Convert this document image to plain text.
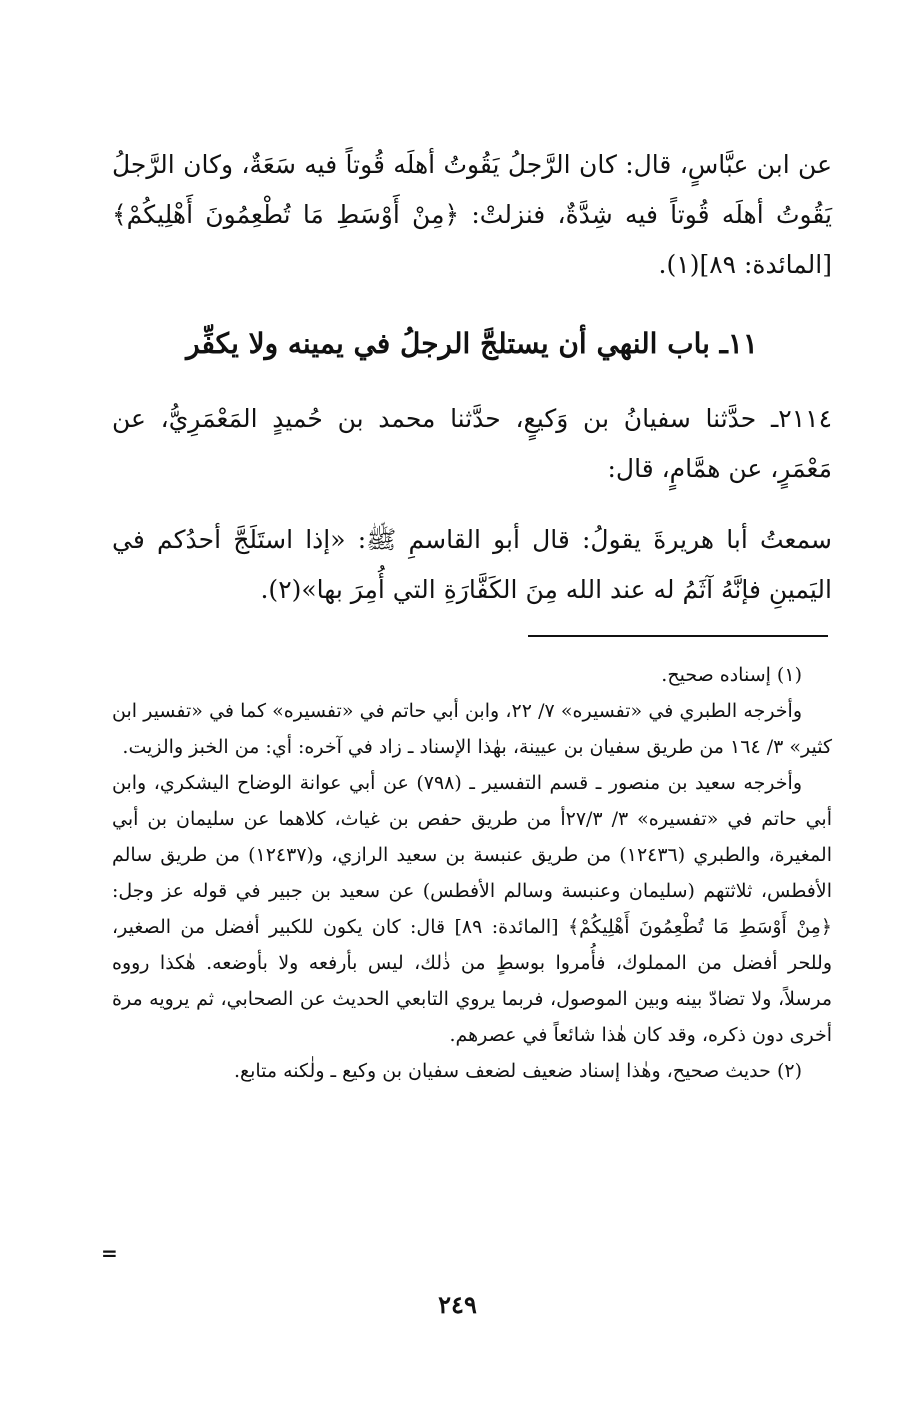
عن ابن عبَّاسٍ، قال: كان الرَّجلُ يَقُوتُ أهلَه قُوتاً فيه سَعَةٌ، وكان الرَّجلُ يَقُوتُ أهلَه قُوتاً فيه شِدَّةٌ، فنزلتْ: ﴿مِنْ أَوْسَطِ مَا تُطْعِمُونَ أَهْلِيكُمْ﴾ [المائدة: ٨٩](١).
١١ـ باب النهي أن يستلجَّ الرجلُ في يمينه ولا يكفِّر
٢١١٤ـ حدَّثنا سفيانُ بن وَكيعٍ، حدَّثنا محمد بن حُميدٍ المَعْمَرِيُّ، عن مَعْمَرٍ، عن همَّامٍ، قال:
سمعتُ أبا هريرةَ يقولُ: قال أبو القاسمِ ﷺ: «إذا استَلَجَّ أحدُكم في اليَمينِ فإنَّهُ آثَمُ له عند الله مِنَ الكَفَّارَةِ التي أُمِرَ بها»(٢).

(١) إسناده صحيح.

وأخرجه الطبري في «تفسيره» ٧/ ٢٢، وابن أبي حاتم في «تفسيره» كما في «تفسير ابن كثير» ٣/ ١٦٤ من طريق سفيان بن عيينة، بهٰذا الإسناد ـ زاد في آخره: أي: من الخبز والزيت.

وأخرجه سعيد بن منصور ـ قسم التفسير ـ (٧٩٨) عن أبي عوانة الوضاح اليشكري، وابن أبي حاتم في «تفسيره» ٣/ ٢٧/٣أ من طريق حفص بن غياث، كلاهما عن سليمان بن أبي المغيرة، والطبري (١٢٤٣٦) من طريق عنبسة بن سعيد الرازي، و(١٢٤٣٧) من طريق سالم الأفطس، ثلاثتهم (سليمان وعنبسة وسالم الأفطس) عن سعيد بن جبير في قوله عز وجل: ﴿مِنْ أَوْسَطِ مَا تُطْعِمُونَ أَهْلِيكُمْ﴾ [المائدة: ٨٩] قال: كان يكون للكبير أفضل من الصغير، وللحر أفضل من المملوك، فأُمروا بوسطٍ من ذٰلك، ليس بأرفعه ولا بأوضعه. هٰكذا رووه مرسلاً، ولا تضادّ بينه وبين الموصول، فربما يروي التابعي الحديث عن الصحابي، ثم يرويه مرة أخرى دون ذكره، وقد كان هٰذا شائعاً في عصرهم.

(٢) حديث صحيح، وهٰذا إسناد ضعيف لضعف سفيان بن وكيع ـ ولٰكنه متابع.

=
٢٤٩
